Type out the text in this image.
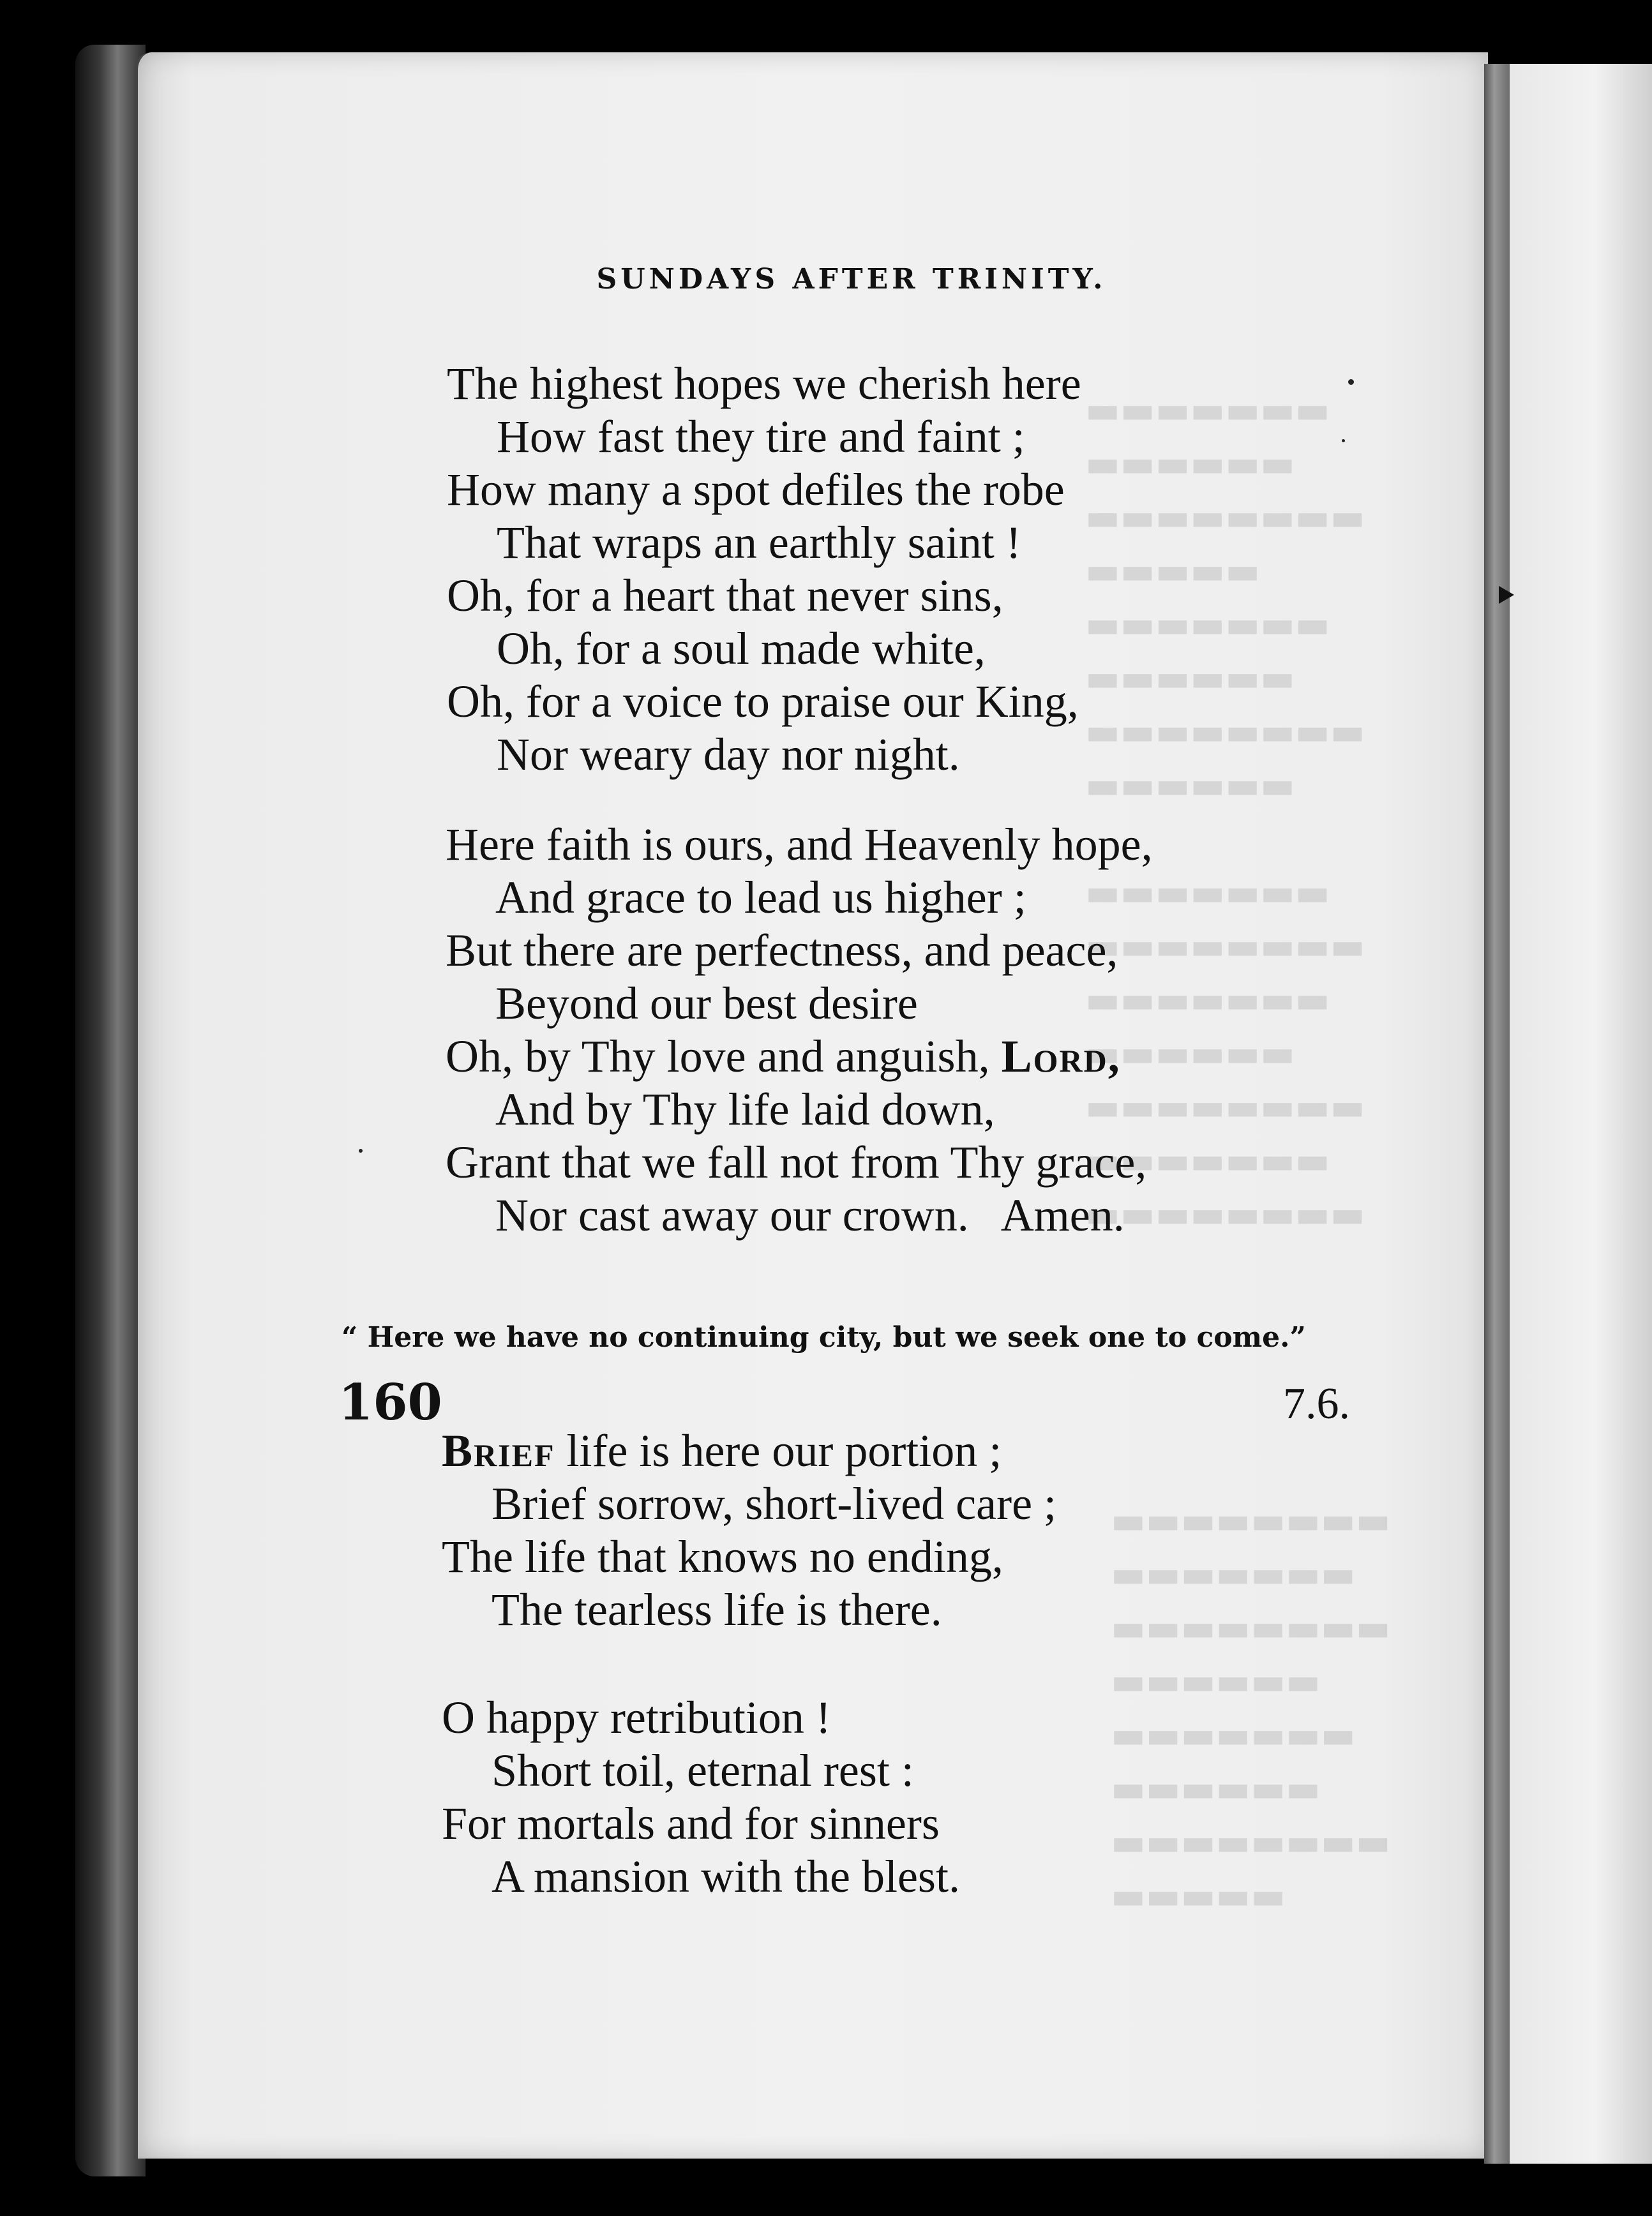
SUNDAYS AFTER TRINITY.
The highest hopes we cherish here
How fast they tire and faint ;
How many a spot defiles the robe
That wraps an earthly saint !
Oh, for a heart that never sins,
Oh, for a soul made white,
Oh, for a voice to praise our King,
Nor weary day nor night.
Here faith is ours, and Heavenly hope,
And grace to lead us higher ;
But there are perfectness, and peace,
Beyond our best desire
Oh, by Thy love and anguish, Lord,
And by Thy life laid down,
Grant that we fall not from Thy grace,
Nor cast away our crown.   Amen.
“ Here we have no continuing city, but we seek one to come.”
160	7.6.
Brief life is here our portion ;
Brief sorrow, short-lived care ;
The life that knows no ending,
The tearless life is there.
O happy retribution !
Short toil, eternal rest :
For mortals and for sinners
A mansion with the blest.
